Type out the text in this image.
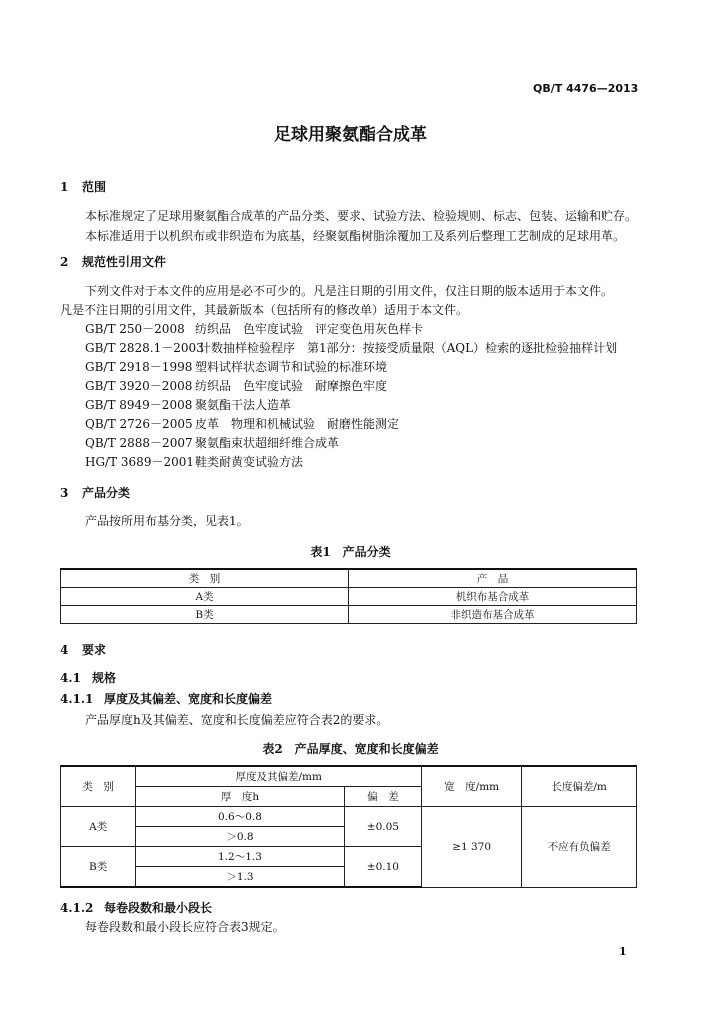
QB/T 4476—2013
足球用聚氨酯合成革
1 范围
本标准规定了足球用聚氨酯合成革的产品分类、要求、试验方法、检验规则、标志、包装、运输和贮存。
本标准适用于以机织布或非织造布为底基，经聚氨酯树脂涂覆加工及系列后整理工艺制成的足球用革。
2 规范性引用文件
下列文件对于本文件的应用是必不可少的。凡是注日期的引用文件，仅注日期的版本适用于本文件。
凡是不注日期的引用文件，其最新版本（包括所有的修改单）适用于本文件。
GB/T 250－2008 纺织品　色牢度试验　评定变色用灰色样卡
GB/T 2828.1－2003计数抽样检验程序　第1部分：按接受质量限（AQL）检索的逐批检验抽样计划
GB/T 2918－1998 塑料试样状态调节和试验的标准环境
GB/T 3920－2008 纺织品　色牢度试验　耐摩擦色牢度
GB/T 8949－2008 聚氨酯干法人造革
QB/T 2726－2005 皮革　物理和机械试验　耐磨性能测定
QB/T 2888－2007 聚氨酯束状超细纤维合成革
HG/T 3689－2001鞋类耐黄变试验方法
3 产品分类
产品按所用布基分类，见表1。
表1　产品分类
类　别	产　品
A类	机织布基合成革
B类	非织造布基合成革
4 要求
4.1 规格
4.1.1 厚度及其偏差、宽度和长度偏差
产品厚度h及其偏差、宽度和长度偏差应符合表2的要求。
表2　产品厚度、宽度和长度偏差
类　别	厚度及其偏差/mm		宽　度/mm	长度偏差/m
	厚　度h	偏　差		
A类	0.6～0.8	±0.05	≥1 370	不应有负偏差
	＞0.8			
B类	1.2～1.3	±0.10		
	＞1.3			
4.1.2 每卷段数和最小段长
每卷段数和最小段长应符合表3规定。
1
